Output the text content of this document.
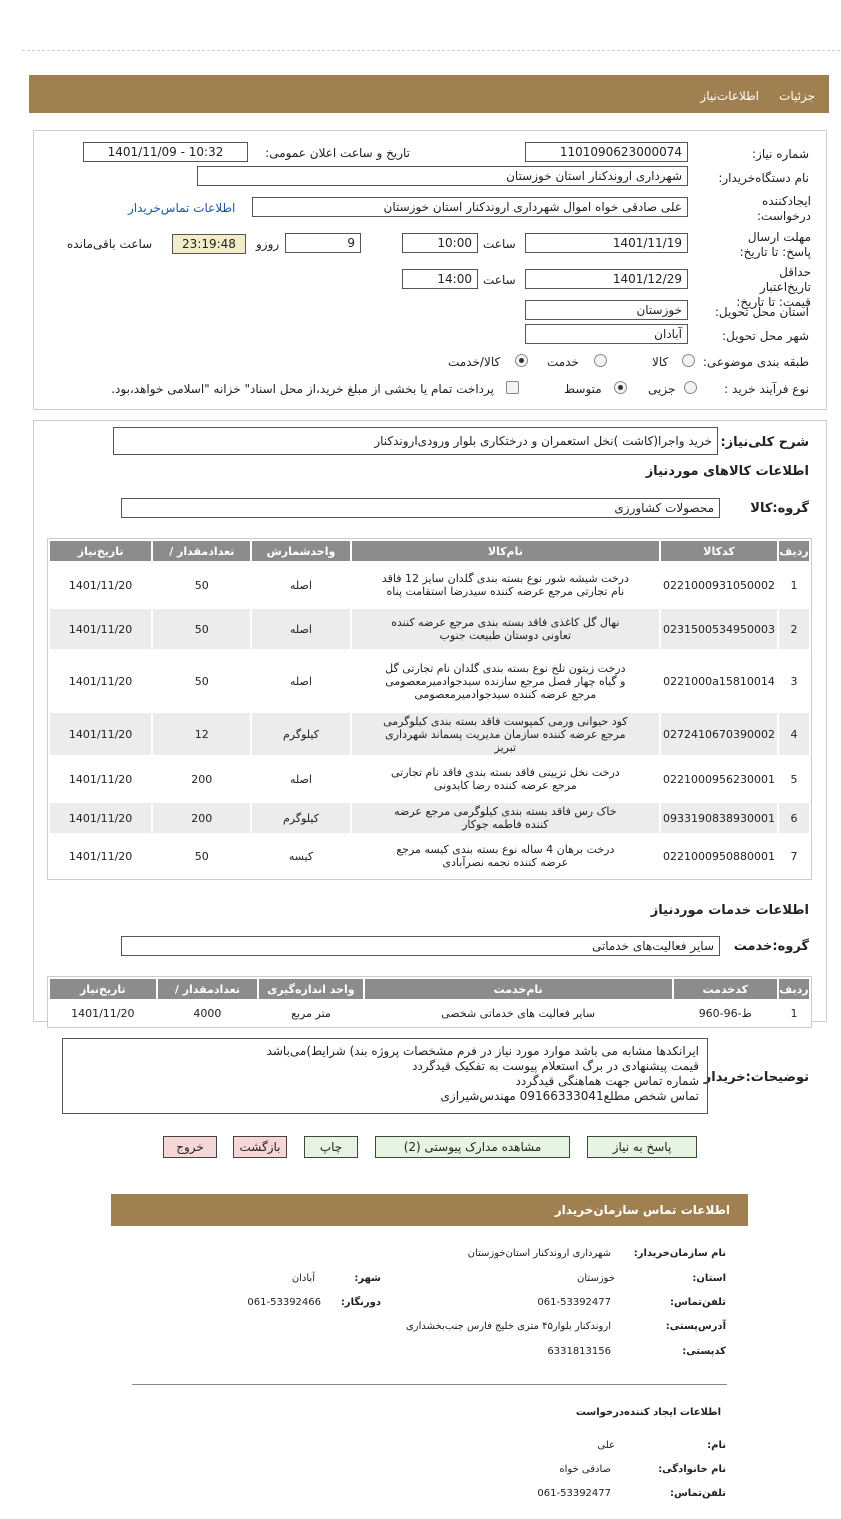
جزئیات
اطلاعات‌نیاز
شماره نیاز:
1101090623000074
تاریخ و ساعت اعلان عمومی:
1401/11/09 - 10:32
نام دستگاه‌خریدار:
شهرداری اروندکنار استان خوزستان
ایجادکننده درخواست:
علی صادقی خواه اموال شهرداری اروندکنار استان خوزستان
اطلاعات تماس‌خریدار
مهلت ارسال پاسخ: تا تاریخ:
1401/11/19
ساعت
10:00
9
روزو
23:19:48
ساعت باقی‌مانده
حداقل تاریخ‌اعتبار قیمت: تا تاریخ:
1401/12/29
ساعت
14:00
استان محل تحویل:
خوزستان
شهر محل تحویل:
آبادان
طبقه بندی موضوعی:
کالا
خدمت
کالا/خدمت
نوع فرآیند خرید :
جزیی
متوسط
پرداخت تمام یا بخشی از مبلغ خرید،از محل اسناد" خزانه "اسلامی خواهد،بود.
شرح کلی‌نیاز:
خرید واجرا(کاشت )نخل استعمران و درختکاری بلوار ورودی‌اروندکنار
اطلاعات کالاهای موردنیاز
گروه:کالا
محصولات کشاورزی
ردیف	کدکالا	نام‌کالا	واحدشمارش	تعدادمقدار /	تاریخ‌نیاز
1	0221000931050002	درخت شیشه شور نوع بسته بندی گلدان سایز 12 فاقد نام تجارتی مرجع عرضه کننده سیدرضا استقامت پناه	اصله	50	1401/11/20
2	0231500534950003	نهال گل کاغذی فاقد بسته بندی مرجع عرضه کننده تعاونی دوستان طبیعت جنوب	اصله	50	1401/11/20
3	0221000a15810014	درخت زیتون تلخ نوع بسته بندی گلدان نام تجارتی گل و گیاه چهار فصل مرجع سازنده سیدجوادمیرمعصومی مرجع عرضه کننده سیدجوادمیرمعصومی	اصله	50	1401/11/20
4	0272410670390002	کود حیوانی ورمی کمپوست فاقد بسته بندی کیلوگرمی مرجع عرضه کننده سازمان مدیریت پسماند شهرداری تبریز	کیلوگرم	12	1401/11/20
5	0221000956230001	درخت نخل تزیینی فاقد بسته بندی فاقد نام تجارتی مرجع عرضه کننده رضا کایدونی	اصله	200	1401/11/20
6	0933190838930001	خاک رس فاقد بسته بندی کیلوگرمی مرجع عرضه کننده فاطمه جوکار	کیلوگرم	200	1401/11/20
7	0221000950880001	درخت برهان 4 ساله نوع بسته بندی کیسه مرجع عرضه کننده نجمه نصرآبادی	کیسه	50	1401/11/20
اطلاعات خدمات موردنیاز
گروه:خدمت
سایر فعالیت‌های خدماتی
ردیف	کدخدمت	نام‌خدمت	واحد اندازه‌گیری	تعدادمقدار /	تاریخ‌نیاز
1	ط-96-960	سایر فعالیت های خدماتی شخصی	متر مربع	4000	1401/11/20
توضیحات:خریدار
ایرانکدها مشابه می باشد موارد مورد نیاز در فرم مشخصات پروژه بند) شرایط)می‌باشد
قیمت پیشنهادی در برگ استعلام پیوست به تفکیک قیدگردد
شماره تماس جهت هماهنگی قیدگردد
تماس شخص مطلع09166333041 مهندس‌شیرازی
پاسخ به نیاز
مشاهده مدارک پیوستی (2)
چاپ
بازگشت
خروج
اطلاعات تماس سازمان‌خریدار
نام سازمان‌خریدار:
شهرداری اروندکنار استان‌خوزستان
استان:
خوزستان
شهر:
آبادان
تلفن‌تماس:
061-53392477
دورنگار:
061-53392466
آدرس‌پستی:
اروندکنار بلوار۴۵ متری خلیج فارس جنب‌بخشداری
کدپستی:
6331813156
اطلاعات ایجاد کننده‌درخواست
نام:
علی
نام خانوادگی:
صادقی خواه
تلفن‌تماس:
061-53392477
